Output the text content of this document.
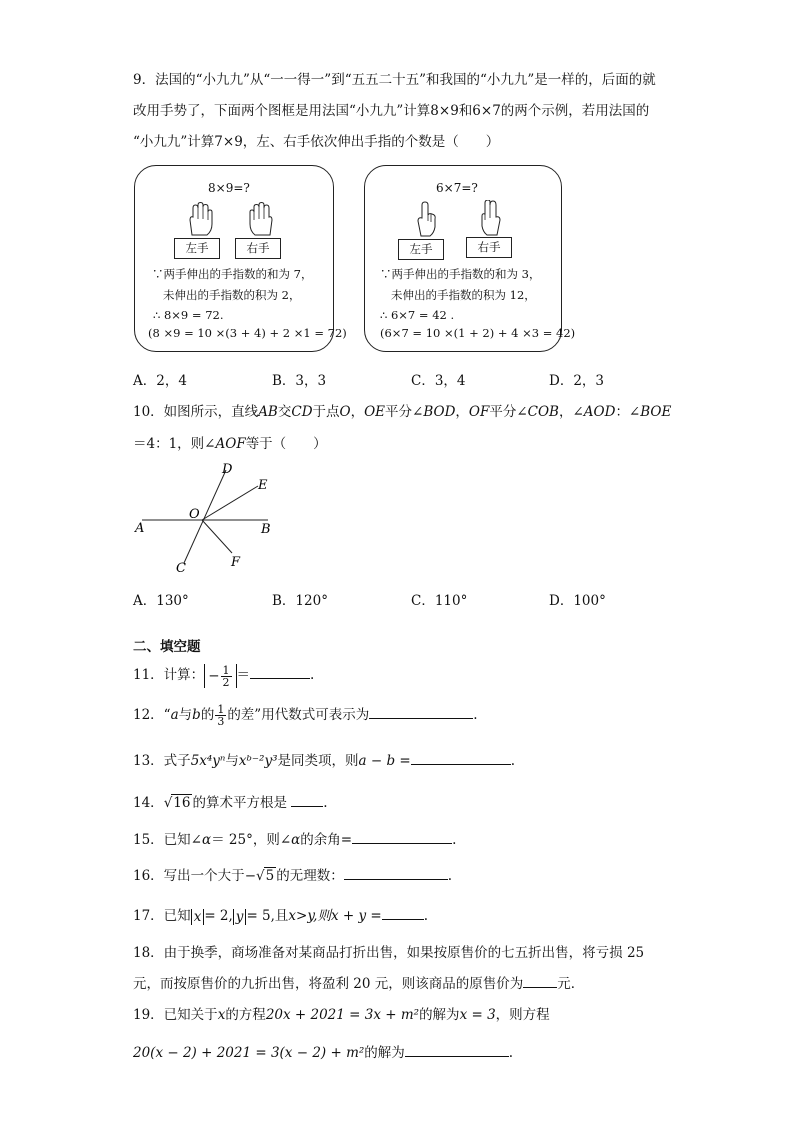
9．法国的“小九九”从“一一得一”到“五五二十五”和我国的“小九九”是一样的，后面的就
改用手势了，下面两个图框是用法国“小九九”计算8×9和6×7的两个示例，若用法国的
“小九九”计算7×9，左、右手依次伸出手指的个数是（　　）
8×9=?
左手	右手
∵两手伸出的手指数的和为 7，
未伸出的手指数的积为 2，
∴ 8×9 = 72.
(8 ×9 = 10 ×(3 + 4) + 2 ×1 = 72)
6×7=?
左手	右手
∵两手伸出的手指数的和为 3，
未伸出的手指数的积为 12，
∴ 6×7 = 42 .
(6×7 = 10 ×(1 + 2) + 4 ×3 = 42)
A．2，4	B．3，3	C．3，4	D．2，3
10．如图所示，直线AB交CD于点O，OE平分∠BOD，OF平分∠COB，∠AOD：∠BOE
＝4：1，则∠AOF等于（　　）
A	B
C
D
E
F
O
A．130°	B．120°	C．110°	D．100°
二、填空题
11．计算： − $\frac{1}{2}$ ＝	.
12．“a与b的 $\frac{1}{3}$ 的差”用代数式可表示为	.
13．式子5x⁴yⁿ与xᵇ⁻²y³是同类项，则a − b =	.
14．√16 的算术平方根是	.
15．已知∠α＝ 25°，则∠α的余角=	.
16．写出一个大于−√5 的无理数：	.
17．已知 x = 2, y = 5,且x>y,则x + y =	.
18．由于换季，商场准备对某商品打折出售，如果按原售价的七五折出售，将亏损 25
元，而按原售价的九折出售，将盈利 20 元，则该商品的原售价为	元．
19．已知关于x的方程20x + 2021 = 3x + m²的解为x = 3，则方程
20(x − 2) + 2021 = 3(x − 2) + m²的解为	.
